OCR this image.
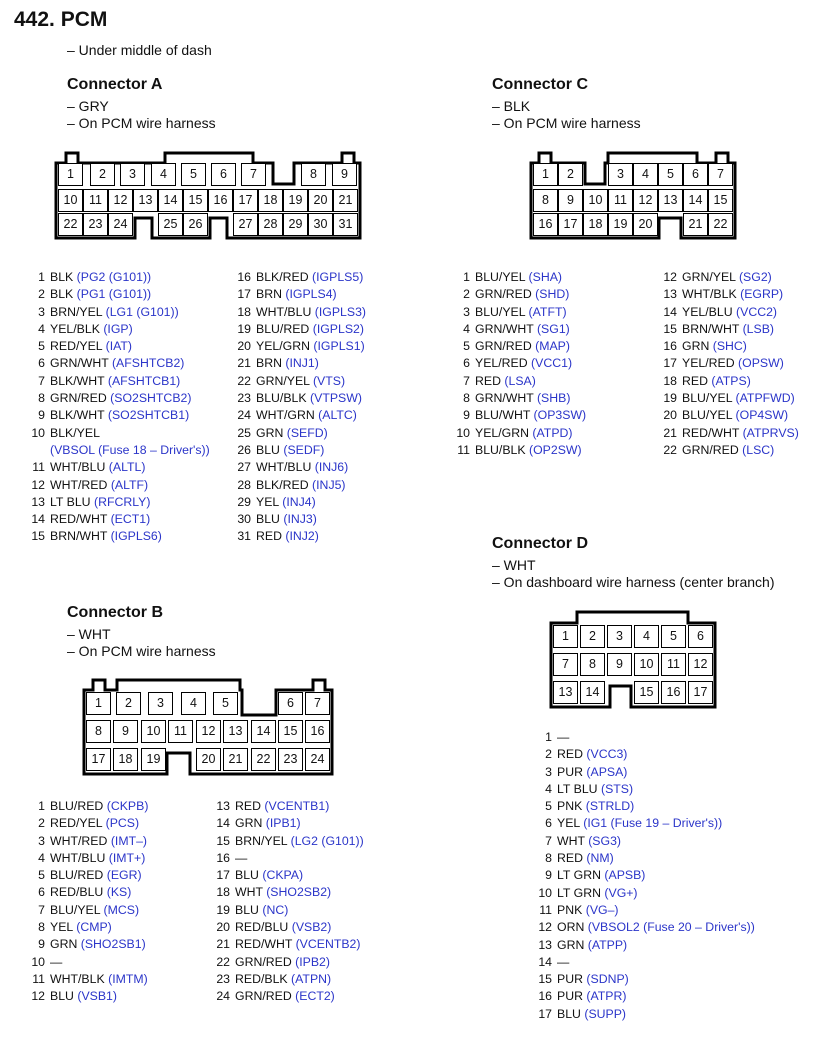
442. PCM
– Under middle of dash
Connector A
– GRY
– On PCM wire harness
1	2	3	4	5	6	7	8	9
10 11 12 13 14 15 16 17 18 19 20 21
22 23 24	25 26	27 28 29 30 31
1 BLK (PG2 (G101))
2 BLK (PG1 (G101))
3 BRN/YEL (LG1 (G101))
4 YEL/BLK (IGP)
5 RED/YEL (IAT)
6 GRN/WHT (AFSHTCB2)
7 BLK/WHT (AFSHTCB1)
8 GRN/RED (SO2SHTCB2)
9 BLK/WHT (SO2SHTCB1)
10 BLK/YEL
(VBSOL (Fuse 18 – Driver's))
11 WHT/BLU (ALTL)
12 WHT/RED (ALTF)
13 LT BLU (RFCRLY)
14 RED/WHT (ECT1)
15 BRN/WHT (IGPLS6)
16 BLK/RED (IGPLS5)
17 BRN (IGPLS4)
18 WHT/BLU (IGPLS3)
19 BLU/RED (IGPLS2)
20 YEL/GRN (IGPLS1)
21 BRN (INJ1)
22 GRN/YEL (VTS)
23 BLU/BLK (VTPSW)
24 WHT/GRN (ALTC)
25 GRN (SEFD)
26 BLU (SEDF)
27 WHT/BLU (INJ6)
28 BLK/RED (INJ5)
29 YEL (INJ4)
30 BLU (INJ3)
31 RED (INJ2)
Connector C
– BLK
– On PCM wire harness
1	2	3	4	5	6	7
8	9	10 11 12 13 14 15
16 17 18 19 20	21 22
1 BLU/YEL (SHA)
2 GRN/RED (SHD)
3 BLU/YEL (ATFT)
4 GRN/WHT (SG1)
5 GRN/RED (MAP)
6 YEL/RED (VCC1)
7 RED (LSA)
8 GRN/WHT (SHB)
9 BLU/WHT (OP3SW)
10 YEL/GRN (ATPD)
11 BLU/BLK (OP2SW)
12 GRN/YEL (SG2)
13 WHT/BLK (EGRP)
14 YEL/BLU (VCC2)
15 BRN/WHT (LSB)
16 GRN (SHC)
17 YEL/RED (OPSW)
18 RED (ATPS)
19 BLU/YEL (ATPFWD)
20 BLU/YEL (OP4SW)
21 RED/WHT (ATPRVS)
22 GRN/RED (LSC)
Connector D
– WHT
– On dashboard wire harness (center branch)
1	2	3	4	5	6
7	8	9	10	11	12
13	14	15	16	17
1 —
2 RED (VCC3)
3 PUR (APSA)
4 LT BLU (STS)
5 PNK (STRLD)
6 YEL (IG1 (Fuse 19 – Driver's))
7 WHT (SG3)
8 RED (NM)
9 LT GRN (APSB)
10 LT GRN (VG+)
11 PNK (VG–)
12 ORN (VBSOL2 (Fuse 20 – Driver's))
13 GRN (ATPP)
14 —
15 PUR (SDNP)
16 PUR (ATPR)
17 BLU (SUPP)
Connector B
– WHT
– On PCM wire harness
1	2	3	4	5	6	7
8	9	10	11	12	13	14	15	16
17	18	19	20	21	22	23	24
1 BLU/RED (CKPB)
2 RED/YEL (PCS)
3 WHT/RED (IMT–)
4 WHT/BLU (IMT+)
5 BLU/RED (EGR)
6 RED/BLU (KS)
7 BLU/YEL (MCS)
8 YEL (CMP)
9 GRN (SHO2SB1)
10 —
11 WHT/BLK (IMTM)
12 BLU (VSB1)
13 RED (VCENTB1)
14 GRN (IPB1)
15 BRN/YEL (LG2 (G101))
16 —
17 BLU (CKPA)
18 WHT (SHO2SB2)
19 BLU (NC)
20 RED/BLU (VSB2)
21 RED/WHT (VCENTB2)
22 GRN/RED (IPB2)
23 RED/BLK (ATPN)
24 GRN/RED (ECT2)
